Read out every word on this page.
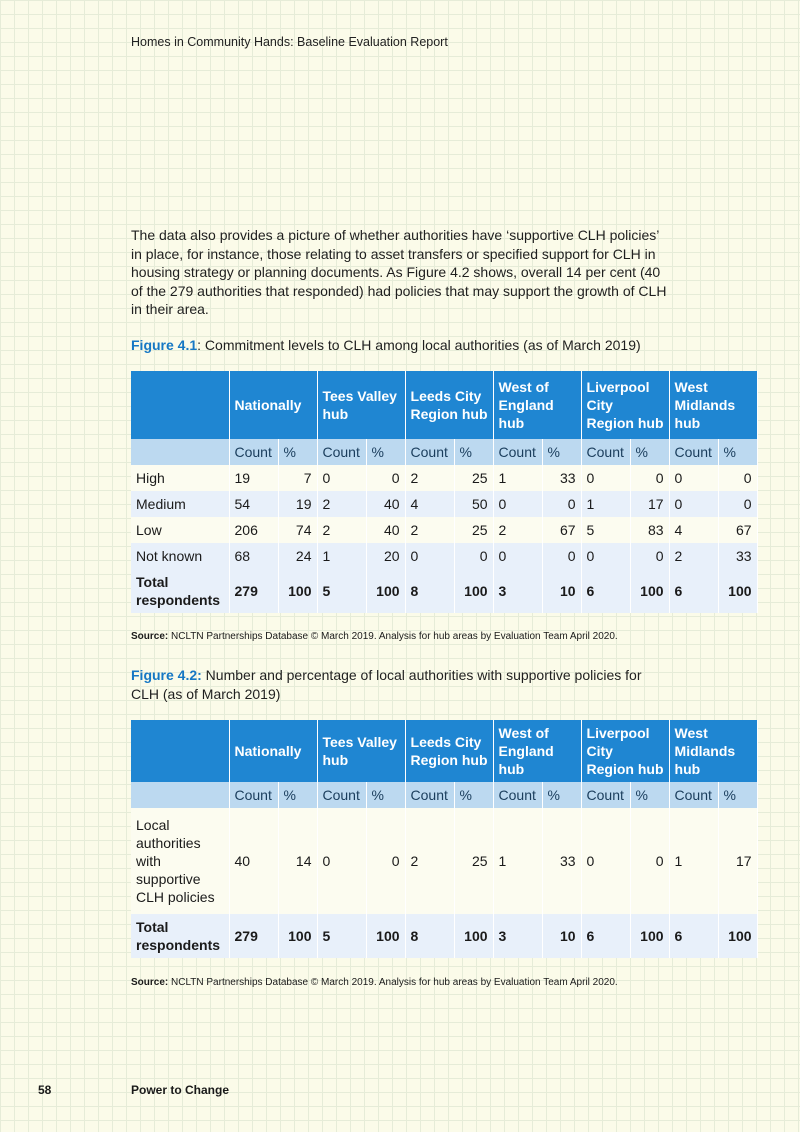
Homes in Community Hands: Baseline Evaluation Report
The data also provides a picture of whether authorities have ‘supportive CLH policies’ in place, for instance, those relating to asset transfers or specified support for CLH in housing strategy or planning documents. As Figure 4.2 shows, overall 14 per cent (40 of the 279 authorities that responded) had policies that may support the growth of CLH in their area.
Figure 4.1: Commitment levels to CLH among local authorities (as of March 2019)
	Nationally		Tees Valley hub		Leeds City Region hub		West of England hub		Liverpool City Region hub		West Midlands hub	
	Count	%	Count	%	Count	%	Count	%	Count	%	Count	%
High	19	7	0	0	2	25	1	33	0	0	0	0
Medium	54	19	2	40	4	50	0	0	1	17	0	0
Low	206	74	2	40	2	25	2	67	5	83	4	67
Not known	68	24	1	20	0	0	0	0	0	0	2	33
Total respondents	279	100	5	100	8	100	3	10	6	100	6	100
Source: NCLTN Partnerships Database © March 2019. Analysis for hub areas by Evaluation Team April 2020.
Figure 4.2: Number and percentage of local authorities with supportive policies for CLH (as of March 2019)
	Nationally		Tees Valley hub		Leeds City Region hub		West of England hub		Liverpool City Region hub		West Midlands hub	
	Count	%	Count	%	Count	%	Count	%	Count	%	Count	%
Local authorities with supportive CLH policies	40	14	0	0	2	25	1	33	0	0	1	17
Total respondents	279	100	5	100	8	100	3	10	6	100	6	100
Source: NCLTN Partnerships Database © March 2019. Analysis for hub areas by Evaluation Team April 2020.
58	Power to Change
